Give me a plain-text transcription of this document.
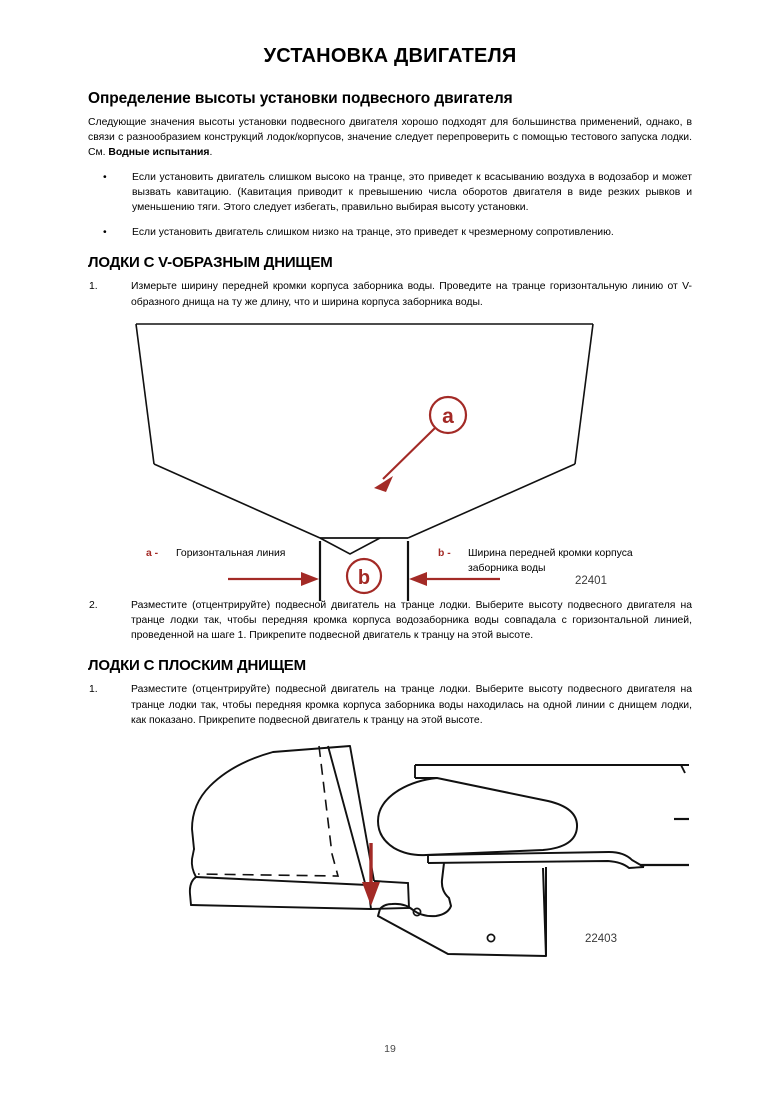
УСТАНОВКА ДВИГАТЕЛЯ
Определение высоты установки подвесного двигателя

Следующие значения высоты установки подвесного двигателя хорошо подходят для большинства применений, однако, в связи с разнообразием конструкций лодок/корпусов, значение следует перепроверить с помощью тестового запуска лодки. См. Водные испытания.

• Если установить двигатель слишком высоко на транце, это приведет к всасыванию воздуха в водозабор и может вызвать кавитацию. (Кавитация приводит к превышению числа оборотов двигателя в виде резких рывков и уменьшению тяги. Этого следует избегать, правильно выбирая высоту установки.
• Если установить двигатель слишком низко на транце, это приведет к чрезмерному сопротивлению.
ЛОДКИ С V-ОБРАЗНЫМ ДНИЩЕМ
1.	Измерьте ширину передней кромки корпуса заборника воды. Проведите на транце горизонтальную линию от V-образного днища на ту же длину, что и ширина корпуса заборника воды.
a
b	22401
a - Горизонтальная линия	b - Ширина передней кромки корпуса заборника воды
2.	Разместите (отцентрируйте) подвесной двигатель на транце лодки. Выберите высоту подвесного двигателя на транце лодки так, чтобы передняя кромка корпуса водозаборника воды совпадала с горизонтальной линией, проведенной на шаге 1. Прикрепите подвесной двигатель к транцу на этой высоте.
ЛОДКИ С ПЛОСКИМ ДНИЩЕМ
1.	Разместите (отцентрируйте) подвесной двигатель на транце лодки. Выберите высоту подвесного двигателя на транце лодки так, чтобы передняя кромка корпуса заборника воды находилась на одной линии с днищем лодки, как показано. Прикрепите подвесной двигатель к транцу на этой высоте.
22403
19
